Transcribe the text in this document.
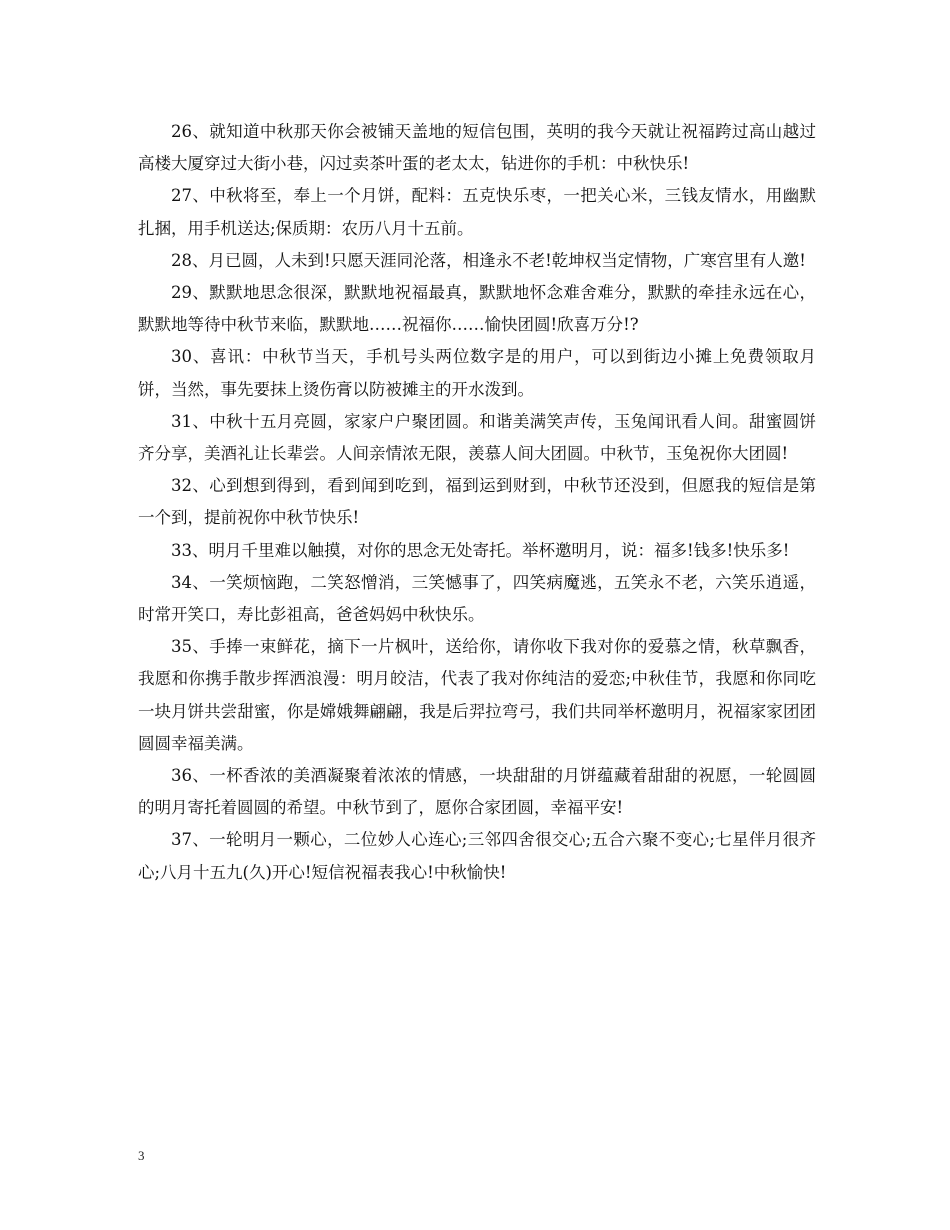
26、就知道中秋那天你会被铺天盖地的短信包围，英明的我今天就让祝福跨过高山越过高楼大厦穿过大街小巷，闪过卖茶叶蛋的老太太，钻进你的手机：中秋快乐!

27、中秋将至，奉上一个月饼，配料：五克快乐枣，一把关心米，三钱友情水，用幽默扎捆，用手机送达;保质期：农历八月十五前。

28、月已圆，人未到!只愿天涯同沦落，相逢永不老!乾坤权当定情物，广寒宫里有人邀!

29、默默地思念很深，默默地祝福最真，默默地怀念难舍难分，默默的牵挂永远在心，默默地等待中秋节来临，默默地……祝福你……愉快团圆!欣喜万分!?

30、喜讯：中秋节当天，手机号头两位数字是的用户，可以到街边小摊上免费领取月饼，当然，事先要抹上烫伤膏以防被摊主的开水泼到。

31、中秋十五月亮圆，家家户户聚团圆。和谐美满笑声传，玉兔闻讯看人间。甜蜜圆饼齐分享，美酒礼让长辈尝。人间亲情浓无限，羡慕人间大团圆。中秋节，玉兔祝你大团圆!

32、心到想到得到，看到闻到吃到，福到运到财到，中秋节还没到，但愿我的短信是第一个到，提前祝你中秋节快乐!

33、明月千里难以触摸，对你的思念无处寄托。举杯邀明月，说：福多!钱多!快乐多!

34、一笑烦恼跑，二笑怒憎消，三笑憾事了，四笑病魔逃，五笑永不老，六笑乐逍遥，时常开笑口，寿比彭祖高，爸爸妈妈中秋快乐。

35、手捧一束鲜花，摘下一片枫叶，送给你，请你收下我对你的爱慕之情，秋草飘香，我愿和你携手散步挥洒浪漫：明月皎洁，代表了我对你纯洁的爱恋;中秋佳节，我愿和你同吃一块月饼共尝甜蜜，你是嫦娥舞翩翩，我是后羿拉弯弓，我们共同举杯邀明月，祝福家家团团圆圆幸福美满。

36、一杯香浓的美酒凝聚着浓浓的情感，一块甜甜的月饼蕴藏着甜甜的祝愿，一轮圆圆的明月寄托着圆圆的希望。中秋节到了，愿你合家团圆，幸福平安!

37、一轮明月一颗心，二位妙人心连心;三邻四舍很交心;五合六聚不变心;七星伴月很齐心;八月十五九(久)开心!短信祝福表我心!中秋愉快!

3
